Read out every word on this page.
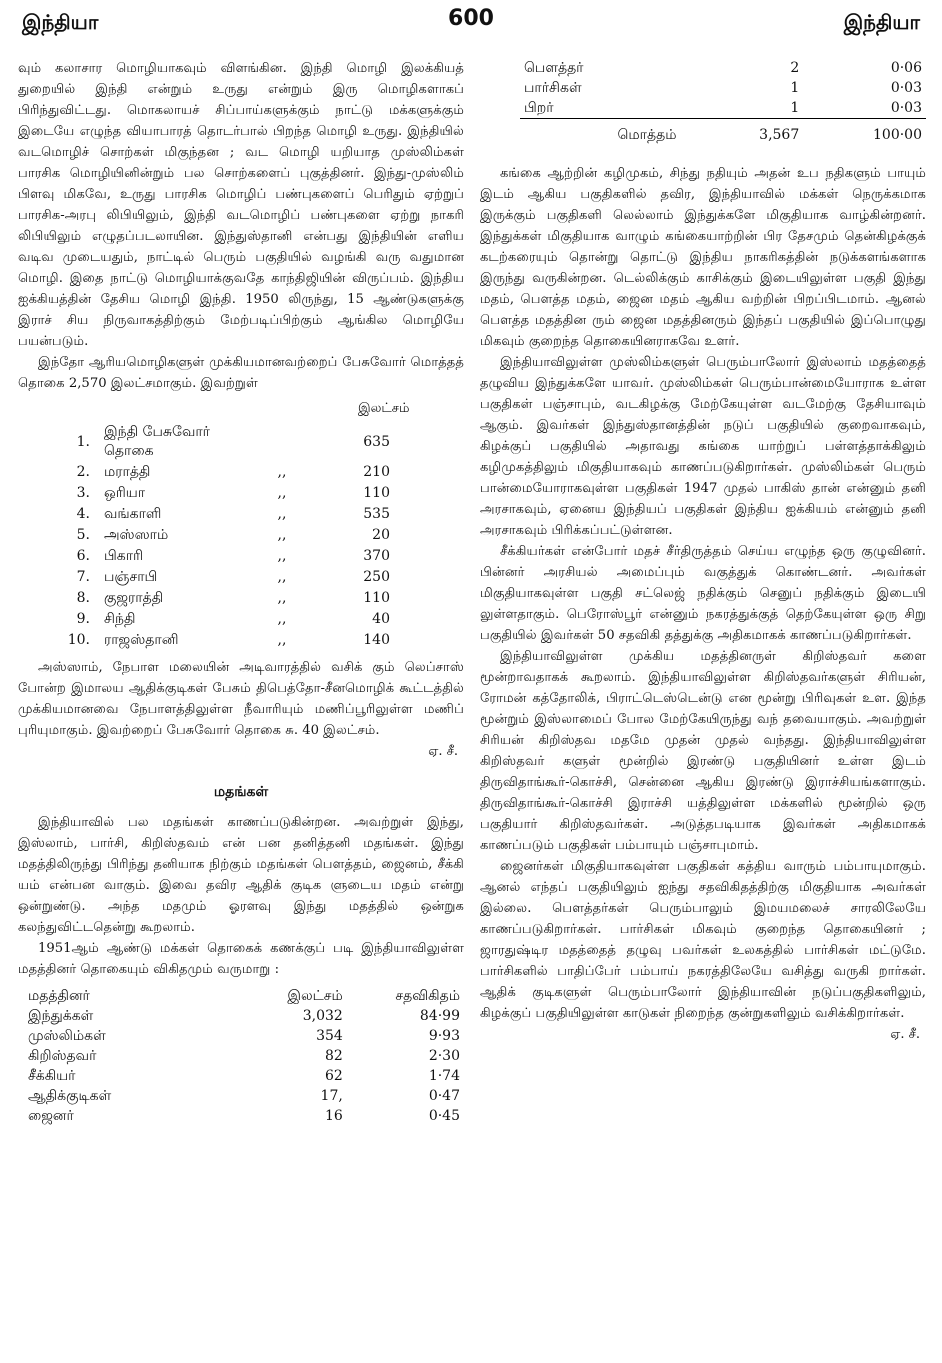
இந்தியா	600	இந்தியா

வும் கலாசார மொழியாகவும் விளங்கின. இந்தி மொழி இலக்கியத் துறையில் இந்தி என்றும் உருது என்றும் இரு மொழிகளாகப் பிரிந்துவிட்டது. மொகலாயச் சிப்பாய்களுக்கும் நாட்டு மக்களுக்கும் இடையே எழுந்த வியாபாரத் தொடர்பால் பிறந்த மொழி உருது. இந்தியில் வடமொழிச் சொற்கள் மிகுந்தன ; வட மொழி யறியாத முஸ்லிம்கள் பாரசிக மொழியினின்றும் பல சொற்களைப் புகுத்தினர். இந்து-முஸ்லிம் பிளவு மிகவே, உருது பாரசிக மொழிப் பண்புகளைப் பெரிதும் ஏற்றுப் பாரசிக-அரபு லிபியிலும், இந்தி வடமொழிப் பண்புகளை ஏற்று நாகரி லிபியிலும் எழுதப்படலாயின. இந்துஸ்தானி என்பது இந்தியின் எளிய வடிவ முடையதும், நாட்டில் பெரும் பகுதியில் வழங்கி வரு வதுமான மொழி. இதை நாட்டு மொழியாக்குவதே காந்திஜியின் விருப்பம். இந்திய ஐக்கியத்தின் தேசிய மொழி இந்தி. 1950 லிருந்து, 15 ஆண்டுகளுக்கு இராச் சிய நிருவாகத்திற்கும் மேற்படிப்பிற்கும் ஆங்கில மொழியே பயன்படும்.

இந்தோ ஆரியமொழிகளுள் முக்கியமானவற்றைப் பேசுவோர் மொத்தத் தொகை 2,570 இலட்சமாகும். இவற்றுள்

இலட்சம்
1.	இந்தி பேசுவோர் தொகை		635
2.	மராத்தி	,,	210
3.	ஒரியா	,,	110
4.	வங்காளி	,,	535
5.	அஸ்ஸாம்	,,	20
6.	பிகாரி	,,	370
7.	பஞ்சாபி	,,	250
8.	குஜராத்தி	,,	110
9.	சிந்தி	,,	40
10.	ராஜஸ்தானி	,,	140

அஸ்ஸாம், நேபாள மலையின் அடிவாரத்தில் வசிக் கும் லெப்சாஸ் போன்ற இமாலய ஆதிக்குடிகள் பேசும் திபெத்தோ-சீனமொழிக் கூட்டத்தில் முக்கியமானவை நேபாளத்திலுள்ள நீவாரியும் மணிப்பூரிலுள்ள மணிப் புரியுமாகும். இவற்றைப் பேசுவோர் தொகை சு. 40 இலட்சம்.

ஏ. சீ.

மதங்கள்

இந்தியாவில் பல மதங்கள் காணப்படுகின்றன. அவற்றுள் இந்து, இஸ்லாம், பார்சி, கிறிஸ்தவம் என் பன தனித்தனி மதங்கள். இந்து மதத்திலிருந்து பிரிந்து தனியாக நிற்கும் மதங்கள் பௌத்தம், ஜைனம், சீக்கி யம் என்பன வாகும். இவை தவிர ஆதிக் குடிக ளுடைய மதம் என்று ஒன்றுண்டு. அந்த மதமும் ஓரளவு இந்து மதத்தில் ஒன்றுக கலந்துவிட்டதென்று கூறலாம்.

1951ஆம் ஆண்டு மக்கள் தொகைக் கணக்குப் படி இந்தியாவிலுள்ள மதத்தினர் தொகையும் விகிதமும் வருமாறு :

மதத்தினர்	இலட்சம்	சதவிகிதம்
இந்துக்கள்	3,032	84·99
முஸ்லிம்கள்	354	9·93
கிறிஸ்தவர்	82	2·30
சீக்கியர்	62	1·74
ஆதிக்குடிகள்	17,	0·47
ஜைனர்	16	0·45
பௌத்தர்	2	0·06
பார்சிகள்	1	0·03
பிறர்	1	0·03
மொத்தம்	3,567	100·00

கங்கை ஆற்றின் கழிமுகம், சிந்து நதியும் அதன் உப நதிகளும் பாயும் இடம் ஆகிய பகுதிகளில் தவிர, இந்தியாவில் மக்கள் நெருக்கமாக இருக்கும் பகுதிகளி லெல்லாம் இந்துக்களே மிகுதியாக வாழ்கின்றனர். இந்துக்கள் மிகுதியாக வாழும் கங்கையாற்றின் பிர தேசமும் தென்கிழக்குக் கடற்கரையும் தொன்று தொட்டு இந்திய நாகரிகத்தின் நடுக்களங்களாக இருந்து வருகின்றன. டெல்லிக்கும் காசிக்கும் இடையிலுள்ள பகுதி இந்து மதம், பௌத்த மதம், ஜைன மதம் ஆகிய வற்றின் பிறப்பிடமாம். ஆனல் பௌத்த மதத்தின ரும் ஜைன மதத்தினரும் இந்தப் பகுதியில் இப்பொழுது மிகவும் குறைந்த தொகையினராகவே உளர்.

இந்தியாவிலுள்ள முஸ்லிம்களுள் பெரும்பாலோர் இஸ்லாம் மதத்தைத் தழுவிய இந்துக்களே யாவர். முஸ்லிம்கள் பெரும்பான்மையோராக உள்ள பகுதிகள் பஞ்சாபும், வடகிழக்கு மேற்கேயுள்ள வடமேற்கு தேசியாவும் ஆகும். இவர்கள் இந்துஸ்தானத்தின் நடுப் பகுதியில் குறைவாகவும், கிழக்குப் பகுதியில் அதாவது கங்கை யாற்றுப் பள்ளத்தாக்கிலும் கழிமுகத்திலும் மிகுதியாகவும் காணப்படுகிறார்கள். முஸ்லிம்கள் பெரும் பான்மையோராகவுள்ள பகுதிகள் 1947 முதல் பாகிஸ் தான் என்னும் தனி அரசாகவும், ஏனைய இந்தியப் பகுதிகள் இந்திய ஐக்கியம் என்னும் தனி அரசாகவும் பிரிக்கப்பட்டுள்ளன.

சீக்கியர்கள் என்போர் மதச் சீர்திருத்தம் செய்ய எழுந்த ஒரு குழுவினர். பின்னர் அரசியல் அமைப்பும் வகுத்துக் கொண்டனர். அவர்கள் மிகுதியாகவுள்ள பகுதி சட்லெஜ் நதிக்கும் செனுப் நதிக்கும் இடையி லுள்ளதாகும். பெரோஸ்பூர் என்னும் நகரத்துக்குத் தெற்கேயுள்ள ஒரு சிறு பகுதியில் இவர்கள் 50 சதவிகி தத்துக்கு அதிகமாகக் காணப்படுகிறார்கள்.

இந்தியாவிலுள்ள முக்கிய மதத்தினருள் கிறிஸ்தவர் களை மூன்றாவதாகக் கூறலாம். இந்தியாவிலுள்ள கிறிஸ்தவர்களுள் சிரியன், ரோமன் கத்தோலிக், பிராட்டெஸ்டென்டு என மூன்று பிரிவுகள் உள. இந்த மூன்றும் இஸ்லாமைப் போல மேற்கேயிருந்து வந் தவையாகும். அவற்றுள் சிரியன் கிறிஸ்தவ மதமே முதன் முதல் வந்தது. இந்தியாவிலுள்ள கிறிஸ்தவர் களுள் மூன்றில் இரண்டு பகுதியினர் உள்ள இடம் திருவிதாங்கூர்-கொச்சி, சென்னை ஆகிய இரண்டு இராச்சியங்களாகும். திருவிதாங்கூர்-கொச்சி இராச்சி யத்திலுள்ள மக்களில் மூன்றில் ஒரு பகுதியார் கிறிஸ்தவர்கள். அடுத்தபடியாக இவர்கள் அதிகமாகக் காணப்படும் பகுதிகள் பம்பாயும் பஞ்சாபுமாம்.

ஜைனர்கள் மிகுதியாகவுள்ள பகுதிகள் கத்திய வாரும் பம்பாயுமாகும். ஆனல் எந்தப் பகுதியிலும் ஐந்து சதவிகிதத்திற்கு மிகுதியாக அவர்கள் இல்லை. பௌத்தர்கள் பெரும்பாலும் இமயமலைச் சாரலிலேயே காணப்படுகிறார்கள். பார்சிகள் மிகவும் குறைந்த தொகையினர் ; ஜாரதுஷ்டிர மதத்தைத் தழுவு பவர்கள் உலகத்தில் பார்சிகள் மட்டுமே. பார்சிகளில் பாதிப்பேர் பம்பாய் நகரத்திலேயே வசித்து வருகி றார்கள். ஆதிக் குடிகளுள் பெரும்பாலோர் இந்தியாவின் நடுப்பகுதிகளிலும், கிழக்குப் பகுதியிலுள்ள காடுகள் நிறைந்த குன்றுகளிலும் வசிக்கிறார்கள்.

ஏ. சீ.
